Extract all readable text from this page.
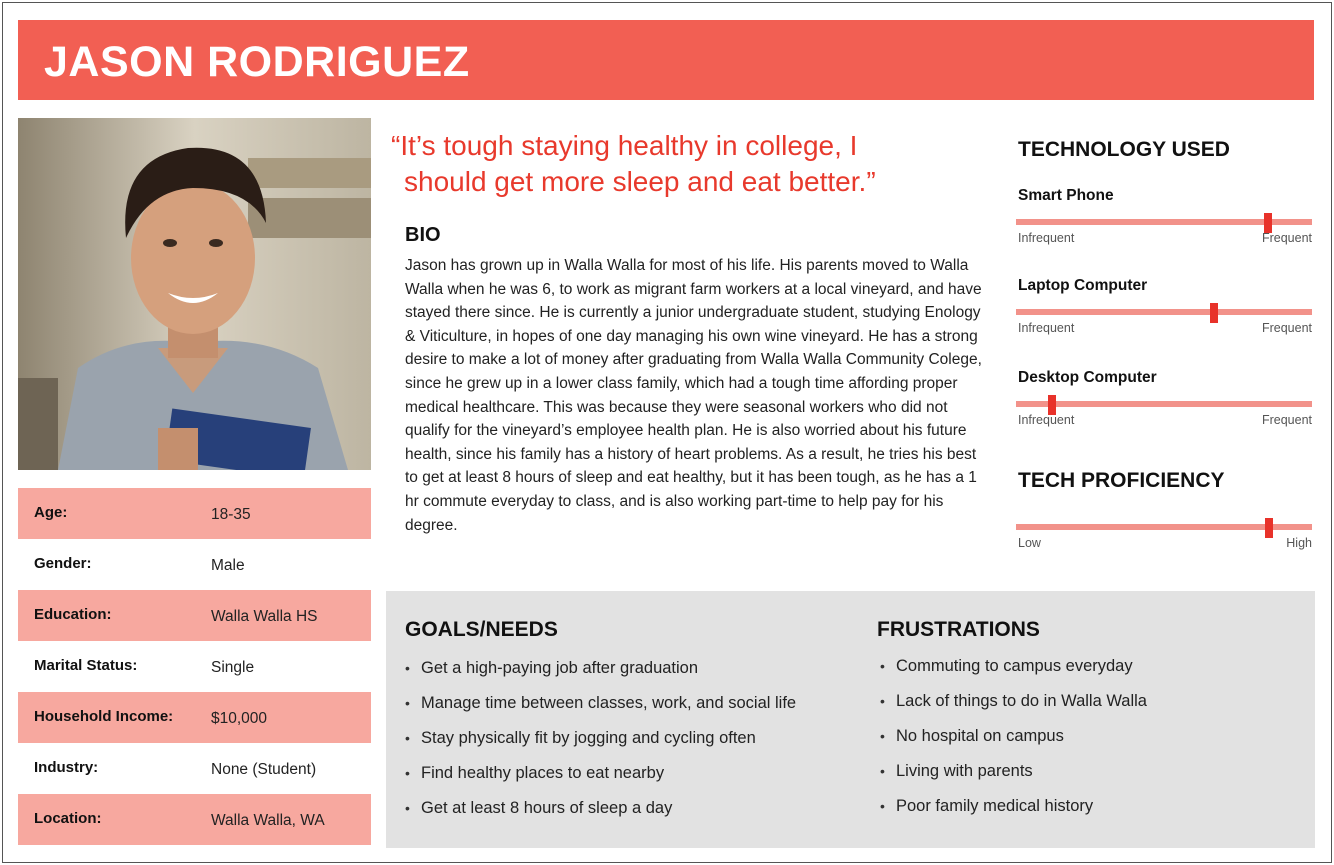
JASON RODRIGUEZ
Age:	18-35
Gender:	Male
Education:	Walla Walla HS
Marital Status:	Single
Household Income: $10,000
Industry:	None (Student)
Location:	Walla Walla, WA
“It’s tough staying healthy in college, I
should get more sleep and eat better.”
BIO
Jason has grown up in Walla Walla for most of his life. His parents moved to Walla Walla when he was 6, to work as migrant farm workers at a local vineyard, and have stayed there since. He is currently a junior undergraduate student, studying Enology & Viticulture, in hopes of one day managing his own wine vineyard. He has a strong desire to make a lot of money after graduating from Walla Walla Community Colege, since he grew up in a lower class family, which had a tough time affording proper medical healthcare. This was because they were seasonal workers who did not qualify for the vineyard’s employee health plan. He is also worried about his future health, since his family has a history of heart problems. As a result, he tries his best to get at least 8 hours of sleep and eat healthy, but it has been tough, as he has a 1 hr commute everyday to class, and is also working part-time to help pay for his degree.
TECHNOLOGY USED
Smart Phone
Infrequent	Frequent
Laptop Computer
Infrequent	Frequent
Desktop Computer
Infrequent	Frequent
TECH PROFICIENCY
Low	High
GOALS/NEEDS
• Get a high-paying job after graduation
• Manage time between classes, work, and social life
• Stay physically fit by jogging and cycling often
• Find healthy places to eat nearby
• Get at least 8 hours of sleep a day
FRUSTRATIONS
• Commuting to campus everyday
• Lack of things to do in Walla Walla
• No hospital on campus
• Living with parents
• Poor family medical history
